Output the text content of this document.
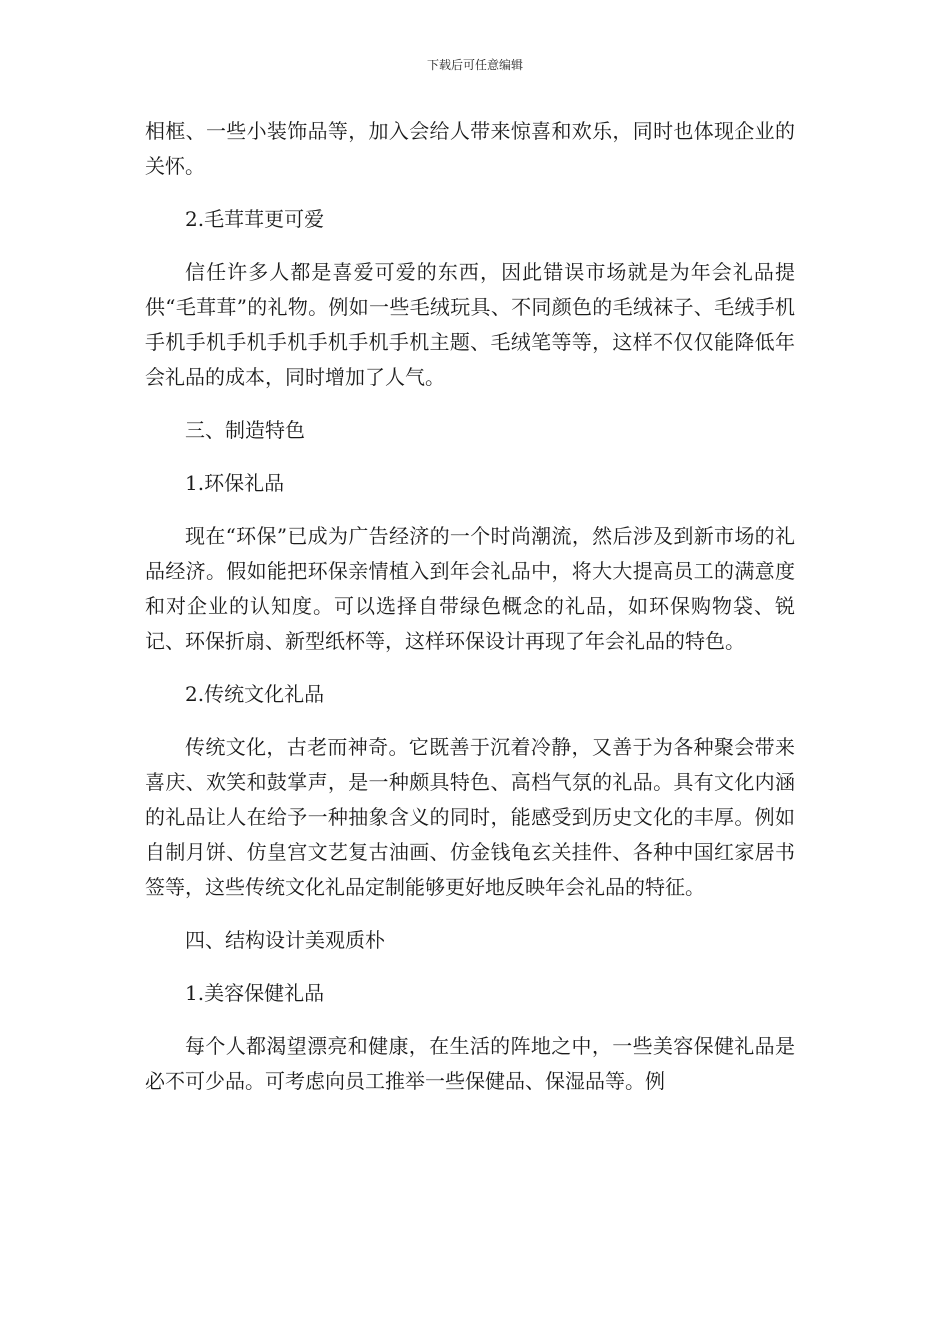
下载后可任意编辑

相框、一些小装饰品等，加入会给人带来惊喜和欢乐，同时也体现企业的关怀。

2.毛茸茸更可爱

信任许多人都是喜爱可爱的东西，因此错误市场就是为年会礼品提供“毛茸茸”的礼物。例如一些毛绒玩具、不同颜色的毛绒袜子、毛绒手机手机手机手机手机手机手机手机主题、毛绒笔等等，这样不仅仅能降低年会礼品的成本，同时增加了人气。

三、制造特色

1.环保礼品

现在“环保”已成为广告经济的一个时尚潮流，然后涉及到新市场的礼品经济。假如能把环保亲情植入到年会礼品中，将大大提高员工的满意度和对企业的认知度。可以选择自带绿色概念的礼品，如环保购物袋、锐记、环保折扇、新型纸杯等，这样环保设计再现了年会礼品的特色。

2.传统文化礼品

传统文化，古老而神奇。它既善于沉着冷静，又善于为各种聚会带来喜庆、欢笑和鼓掌声，是一种颇具特色、高档气氛的礼品。具有文化内涵的礼品让人在给予一种抽象含义的同时，能感受到历史文化的丰厚。例如自制月饼、仿皇宫文艺复古油画、仿金钱龟玄关挂件、各种中国红家居书签等，这些传统文化礼品定制能够更好地反映年会礼品的特征。

四、结构设计美观质朴

1.美容保健礼品

每个人都渴望漂亮和健康，在生活的阵地之中，一些美容保健礼品是必不可少品。可考虑向员工推举一些保健品、保湿品等。例
